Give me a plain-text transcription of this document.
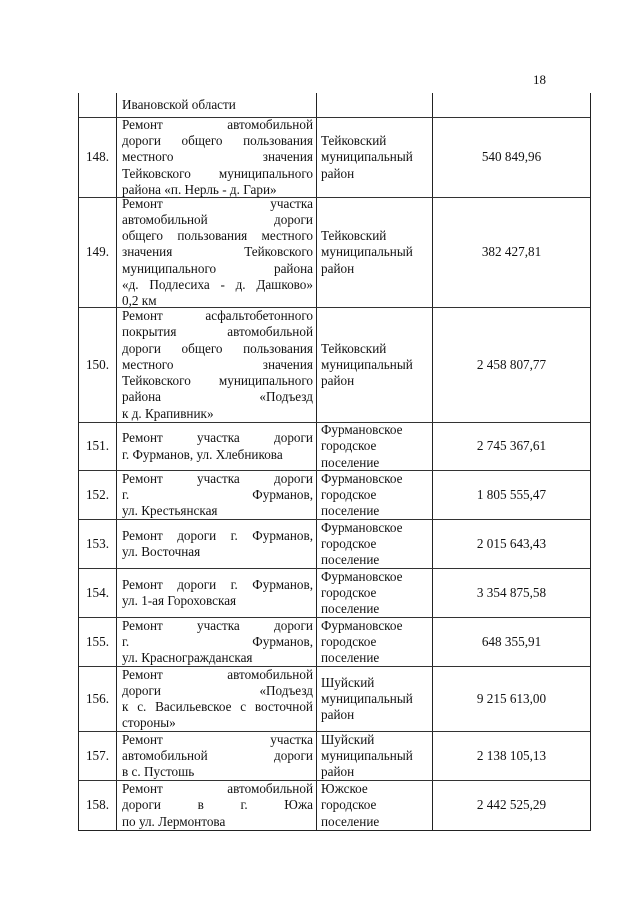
18
Ивановской области
148.
Ремонт автомобильной
дороги общего пользования
местного значения
Тейковского муниципального
района «п. Нерль - д. Гари»
Тейковский
муниципальный
район
540 849,96
149.
Ремонт участка
автомобильной дороги
общего пользования местного
значения Тейковского
муниципального района
«д. Подлесиха - д. Дашково»
0,2 км
Тейковский
муниципальный
район
382 427,81
150.
Ремонт асфальтобетонного
покрытия автомобильной
дороги общего пользования
местного значения
Тейковского муниципального
района «Подъезд
к д. Крапивник»
Тейковский
муниципальный
район
2 458 807,77
151.
Ремонт участка дороги
г. Фурманов, ул. Хлебникова
Фурмановское
городское
поселение
2 745 367,61
152.
Ремонт участка дороги
г. Фурманов,
ул. Крестьянская
Фурмановское
городское
поселение
1 805 555,47
153.
Ремонт дороги г. Фурманов,
ул. Восточная
Фурмановское
городское
поселение
2 015 643,43
154.
Ремонт дороги г. Фурманов,
ул. 1-ая Гороховская
Фурмановское
городское
поселение
3 354 875,58
155.
Ремонт участка дороги
г. Фурманов,
ул. Красногражданская
Фурмановское
городское
поселение
648 355,91
156.
Ремонт автомобильной
дороги «Подъезд
к с. Васильевское с восточной
стороны»
Шуйский
муниципальный
район
9 215 613,00
157.
Ремонт участка
автомобильной дороги
в с. Пустошь
Шуйский
муниципальный
район
2 138 105,13
158.
Ремонт автомобильной
дороги в г. Южа
по ул. Лермонтова
Южское
городское
поселение
2 442 525,29
